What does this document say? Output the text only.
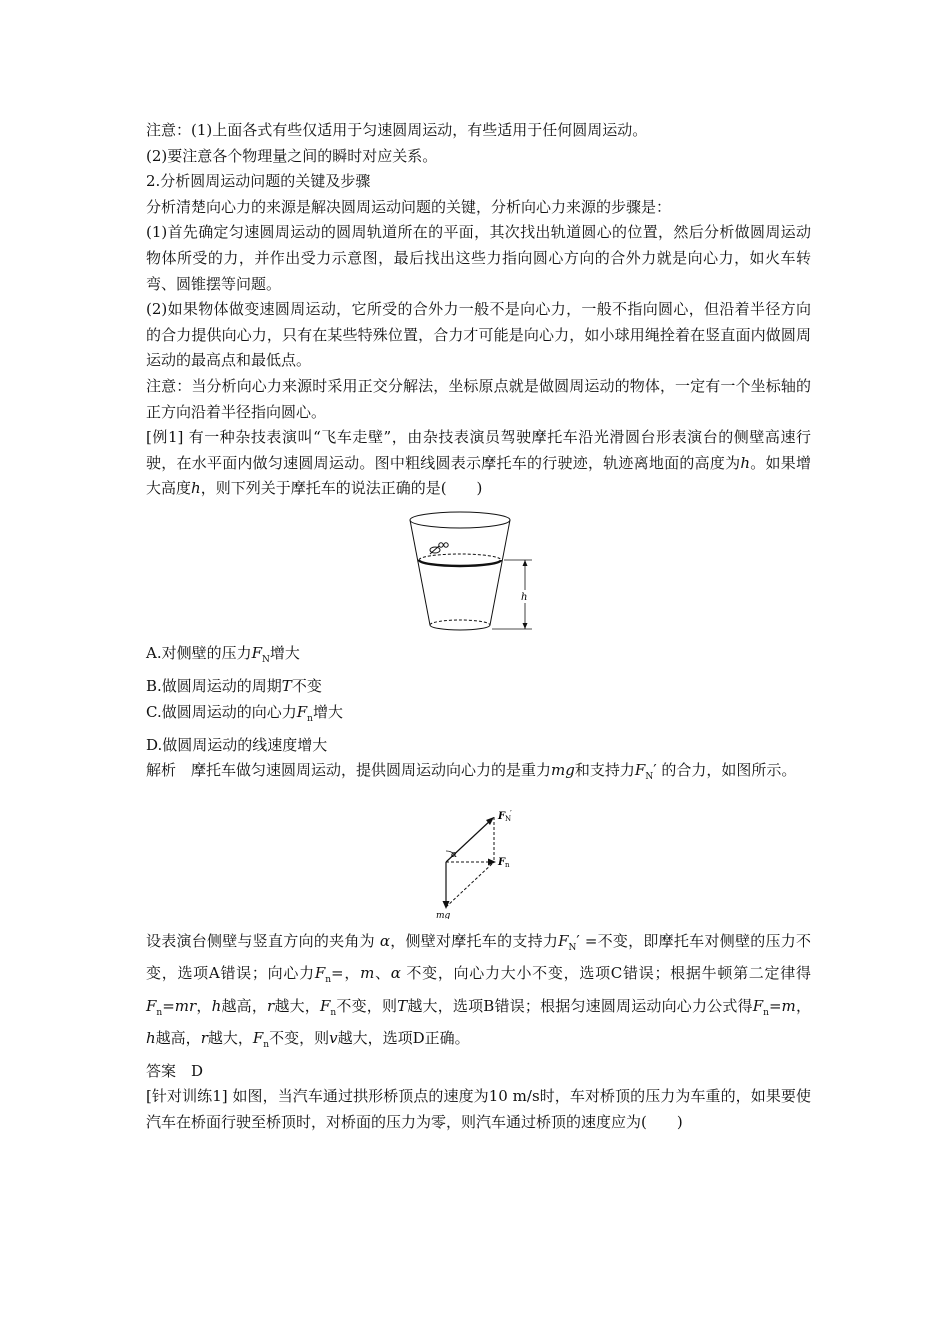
注意：(1)上面各式有些仅适用于匀速圆周运动，有些适用于任何圆周运动。
(2)要注意各个物理量之间的瞬时对应关系。
2.分析圆周运动问题的关键及步骤
分析清楚向心力的来源是解决圆周运动问题的关键，分析向心力来源的步骤是：
(1)首先确定匀速圆周运动的圆周轨道所在的平面，其次找出轨道圆心的位置，然后分析做圆周运动物体所受的力，并作出受力示意图，最后找出这些力指向圆心方向的合外力就是向心力，如火车转弯、圆锥摆等问题。
(2)如果物体做变速圆周运动，它所受的合外力一般不是向心力，一般不指向圆心，但沿着半径方向的合力提供向心力，只有在某些特殊位置，合力才可能是向心力，如小球用绳拴着在竖直面内做圆周运动的最高点和最低点。
注意：当分析向心力来源时采用正交分解法，坐标原点就是做圆周运动的物体，一定有一个坐标轴的正方向沿着半径指向圆心。
[例1] 有一种杂技表演叫“飞车走壁”，由杂技表演员驾驶摩托车沿光滑圆台形表演台的侧壁高速行驶，在水平面内做匀速圆周运动。图中粗线圆表示摩托车的行驶迹，轨迹离地面的高度为h。如果增大高度h，则下列关于摩托车的说法正确的是(　　)
h
A.对侧壁的压力$F_N$增大
B.做圆周运动的周期T不变
C.做圆周运动的向心力$F_n$增大
D.做圆周运动的线速度增大
解析　 摩托车做匀速圆周运动，提供圆周运动向心力的是重力mg和支持力$F_N'$ 的合力，如图所示。
F N
′
F n
α
mg
设表演台侧壁与竖直方向的夹角为 α，侧壁对摩托车的支持力$F_N'$ =不变，即摩托车对侧壁的压力不变，选项A错误；向心力$F_n=$，m、α 不变，向心力大小不变，选项C错误；根据牛顿第二定律得$F_n=mr$，h越高，r越大，$F_n$不变，则T越大，选项B错误；根据匀速圆周运动向心力公式得$F_n=m$，h越高，r越大，$F_n$不变，则v越大，选项D正确。
答案　 D
[针对训练1] 如图，当汽车通过拱形桥顶点的速度为10 m/s时，车对桥顶的压力为车重的，如果要使汽车在桥面行驶至桥顶时，对桥面的压力为零，则汽车通过桥顶的速度应为(　　)
